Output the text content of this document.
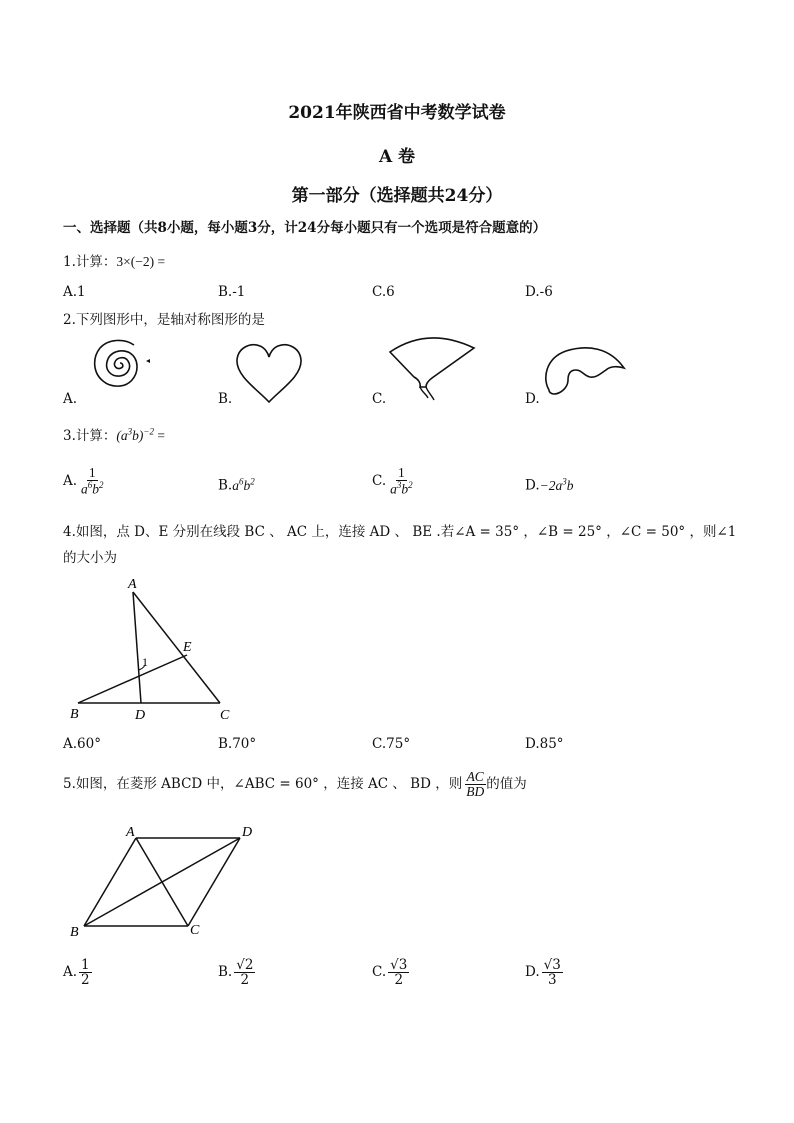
2021年陕西省中考数学试卷
A 卷
第一部分（选择题共24分）
一、选择题（共8小题，每小题3分，计24分每小题只有一个选项是符合题意的）
1.计算：3×(−2) =
A.1	B.-1	C.6	D.-6
2.下列图形中，是轴对称图形的是
A.	B.	C.	D.
3.计算：$(a^3b)^{-2}$ =
A. $\frac{1}{a^6b^2}$	$B.a^6b^2$	C. $\frac{1}{a^3b^2}$	$D.-2a^3b$
4.如图，点 D、E 分别在线段 BC 、 AC 上，连接 AD 、 BE .若∠A = 35° ，∠B = 25° ，∠C = 50° ，则∠1
的大小为
A
B	C
D
E
1
A.60°	B.70°	C.75°	D.85°
5.如图，在菱形 ABCD 中，∠ABC = 60° ，连接 AC 、 BD ，则 $\frac{AC}{BD}$ 的值为
A	D
B	C
A. $\frac{1}{2}$	B. $\frac{√2}{2}$	C. $\frac{√3}{2}$	D. $\frac{√3}{3}$
